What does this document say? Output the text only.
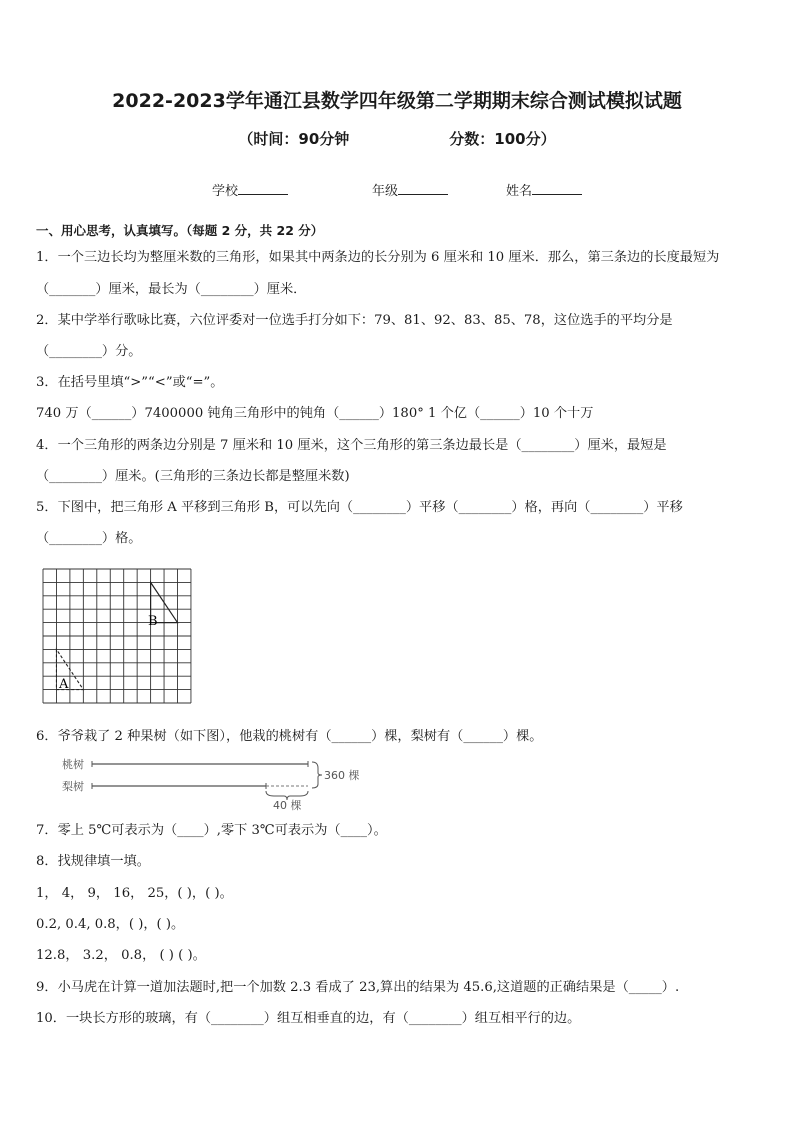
2022-2023学年通江县数学四年级第二学期期末综合测试模拟试题
（时间：90分钟	分数：100分）
学校	年级	姓名
一、用心思考，认真填写。（每题 2 分，共 22 分）
1．一个三边长均为整厘米数的三角形，如果其中两条边的长分别为 6 厘米和 10 厘米．那么，第三条边的长度最短为
（_______）厘米，最长为（________）厘米．
2．某中学举行歌咏比赛，六位评委对一位选手打分如下：79、81、92、83、85、78，这位选手的平均分是
（________）分。
3．在括号里填“>”“<”或“=”。
740 万（______）7400000 钝角三角形中的钝角（______）180° 1 个亿（______）10 个十万
4．一个三角形的两条边分别是 7 厘米和 10 厘米，这个三角形的第三条边最长是（________）厘米，最短是
（________）厘米。(三角形的三条边长都是整厘米数)
5．下图中，把三角形 A 平移到三角形 B，可以先向（________）平移（________）格，再向（________）平移
（________）格。
A
B
6．爷爷栽了 2 种果树（如下图），他栽的桃树有（______）棵，梨树有（______）棵。
桃树
梨树
360 棵
40 棵
7．零上 5℃可表示为（____）,零下 3℃可表示为（____）。
8．找规律填一填。
1， 4， 9， 16， 25，( )，( )。
0.2, 0.4, 0.8，( )，( )。
12.8， 3.2， 0.8， ( ) ( )。
9．小马虎在计算一道加法题时,把一个加数 2.3 看成了 23,算出的结果为 45.6,这道题的正确结果是（_____）.
10．一块长方形的玻璃，有（________）组互相垂直的边，有（________）组互相平行的边。
